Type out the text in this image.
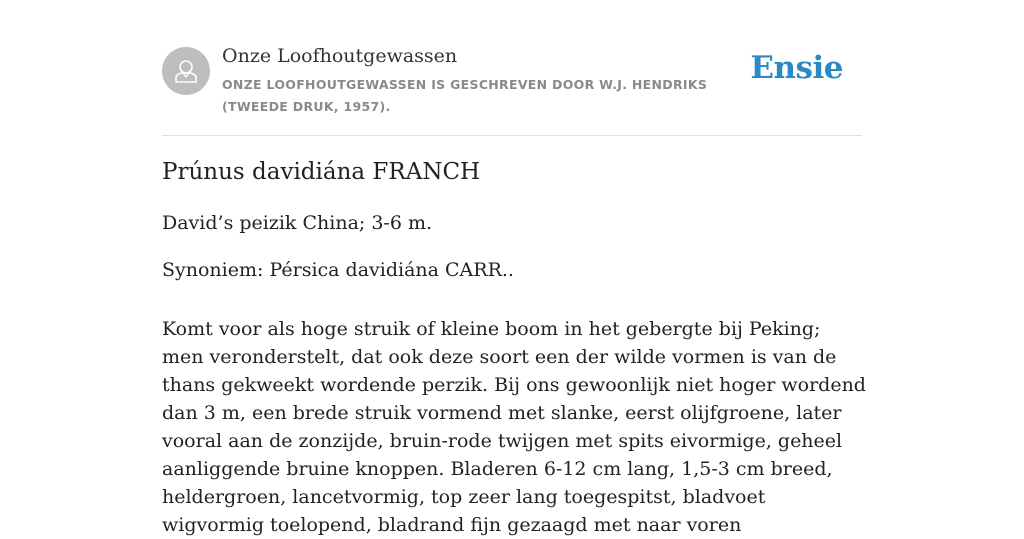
Onze Loofhoutgewassen
ONZE LOOFHOUTGEWASSEN IS GESCHREVEN DOOR W.J. HENDRIKS (TWEEDE DRUK, 1957).
Ensie
Prúnus davidiána FRANCH
David’s peizik China; 3-6 m.
Synoniem: Pérsica davidiána CARR..
Komt voor als hoge struik of kleine boom in het gebergte bij Peking; men veronderstelt, dat ook deze soort een der wilde vormen is van de thans gekweekt wordende perzik. Bij ons gewoonlijk niet hoger wordend dan 3 m, een brede struik vormend met slanke, eerst olijfgroene, later vooral aan de zonzijde, bruin-rode twijgen met spits eivormige, geheel aanliggende bruine knoppen. Bladeren 6-12 cm lang, 1,5-3 cm breed, heldergroen, lancetvormig, top zeer lang toegespitst, bladvoet wigvormig toelopend, bladrand fijn gezaagd met naar voren
